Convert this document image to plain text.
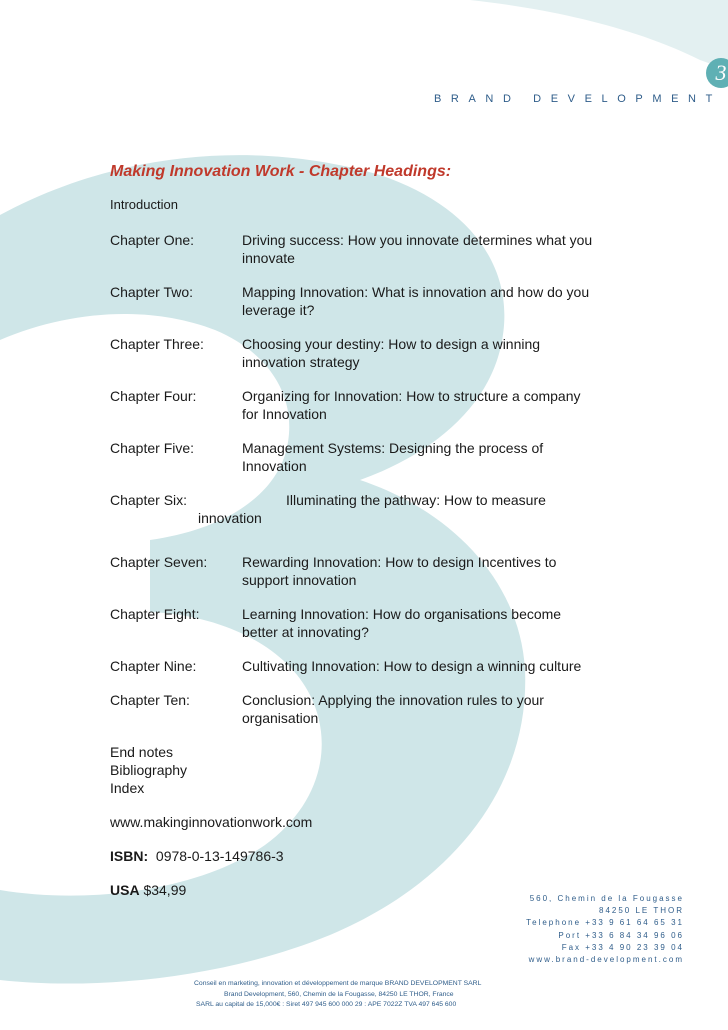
3
BRAND DEVELOPMENT
Making Innovation Work - Chapter Headings:
Introduction
Chapter One:	Driving success: How you innovate determines what you
innovate
Chapter Two:	Mapping Innovation: What is innovation and how do you
leverage it?
Chapter Three:	Choosing your destiny: How to design a winning
innovation strategy
Chapter Four:	Organizing for Innovation: How to structure a company
for Innovation
Chapter Five:	Management Systems: Designing the process of
Innovation
Chapter Six:	Illuminating the pathway: How to measure
innovation
Chapter Seven:	Rewarding Innovation: How to design Incentives to
support innovation
Chapter Eight:	Learning Innovation: How do organisations become
better at innovating?
Chapter Nine:	Cultivating Innovation: How to design a winning culture
Chapter Ten:	Conclusion: Applying the innovation rules to your
organisation
End notes
Bibliography
Index
www.makinginnovationwork.com
ISBN: 0978-0-13-149786-3
USA $34,99
560, Chemin de la Fougasse
84250 LE THOR
Telephone +33 9 61 64 65 31
Port +33 6 84 34 96 06
Fax +33 4 90 23 39 04
www.brand-development.com
Conseil en marketing, innovation et développement de marque BRAND DEVELOPMENT SARL
Brand Development, 560, Chemin de la Fougasse, 84250 LE THOR, France
SARL au capital de 15,000€ : Siret 497 945 600 000 29 : APE 7022Z TVA 497 645 600
